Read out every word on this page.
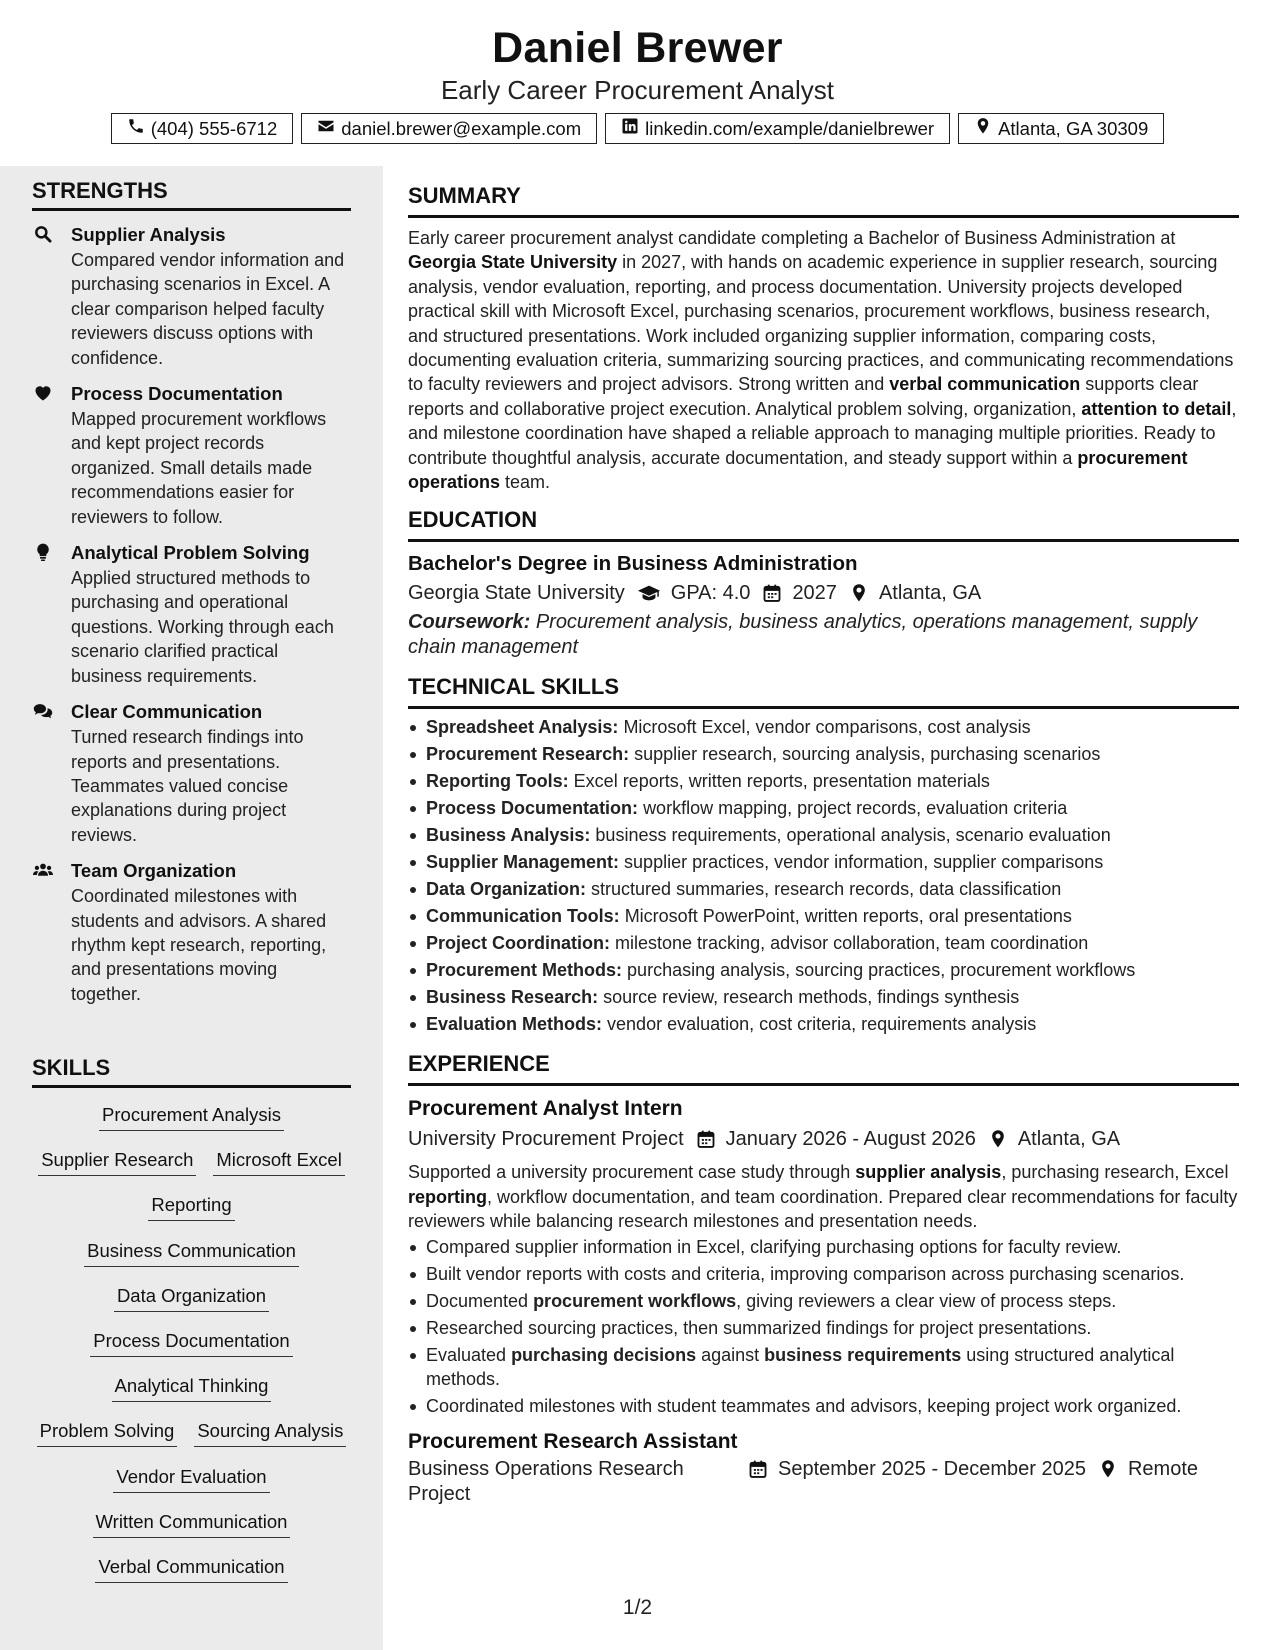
Daniel Brewer
Early Career Procurement Analyst
(404) 555-6712	daniel.brewer@example.com	linkedin.com/example/danielbrewer	Atlanta, GA 30309
STRENGTHS
Supplier Analysis
Compared vendor information and purchasing scenarios in Excel. A clear comparison helped faculty reviewers discuss options with confidence.
Process Documentation
Mapped procurement workflows and kept project records organized. Small details made recommendations easier for reviewers to follow.
Analytical Problem Solving
Applied structured methods to purchasing and operational questions. Working through each scenario clarified practical business requirements.
Clear Communication
Turned research findings into reports and presentations. Teammates valued concise explanations during project reviews.
Team Organization
Coordinated milestones with students and advisors. A shared rhythm kept research, reporting, and presentations moving together.
SKILLS
Procurement Analysis
Supplier Research Microsoft Excel
Reporting
Business Communication
Data Organization
Process Documentation
Analytical Thinking
Problem Solving Sourcing Analysis
Vendor Evaluation
Written Communication
Verbal Communication
SUMMARY
Early career procurement analyst candidate completing a Bachelor of Business Administration at Georgia State University in 2027, with hands on academic experience in supplier research, sourcing analysis, vendor evaluation, reporting, and process documentation. University projects developed practical skill with Microsoft Excel, purchasing scenarios, procurement workflows, business research, and structured presentations. Work included organizing supplier information, comparing costs, documenting evaluation criteria, summarizing sourcing practices, and communicating recommendations to faculty reviewers and project advisors. Strong written and verbal communication supports clear reports and collaborative project execution. Analytical problem solving, organization, attention to detail, and milestone coordination have shaped a reliable approach to managing multiple priorities. Ready to contribute thoughtful analysis, accurate documentation, and steady support within a procurement operations team.
EDUCATION
Bachelor's Degree in Business Administration
Georgia State University GPA: 4.0 2027 Atlanta, GA
Coursework: Procurement analysis, business analytics, operations management, supply chain management
TECHNICAL SKILLS
Spreadsheet Analysis: Microsoft Excel, vendor comparisons, cost analysis
Procurement Research: supplier research, sourcing analysis, purchasing scenarios
Reporting Tools: Excel reports, written reports, presentation materials
Process Documentation: workflow mapping, project records, evaluation criteria
Business Analysis: business requirements, operational analysis, scenario evaluation
Supplier Management: supplier practices, vendor information, supplier comparisons
Data Organization: structured summaries, research records, data classification
Communication Tools: Microsoft PowerPoint, written reports, oral presentations
Project Coordination: milestone tracking, advisor collaboration, team coordination
Procurement Methods: purchasing analysis, sourcing practices, procurement workflows
Business Research: source review, research methods, findings synthesis
Evaluation Methods: vendor evaluation, cost criteria, requirements analysis
EXPERIENCE
Procurement Analyst Intern
University Procurement Project January 2026 - August 2026 Atlanta, GA
Supported a university procurement case study through supplier analysis, purchasing research, Excel reporting, workflow documentation, and team coordination. Prepared clear recommendations for faculty reviewers while balancing research milestones and presentation needs.
Compared supplier information in Excel, clarifying purchasing options for faculty review.
Built vendor reports with costs and criteria, improving comparison across purchasing scenarios.
Documented procurement workflows, giving reviewers a clear view of process steps.
Researched sourcing practices, then summarized findings for project presentations.
Evaluated purchasing decisions against business requirements using structured analytical methods.
Coordinated milestones with student teammates and advisors, keeping project work organized.
Procurement Research Assistant
Business Operations Research Project
September 2025 - December 2025 Remote
1/2
